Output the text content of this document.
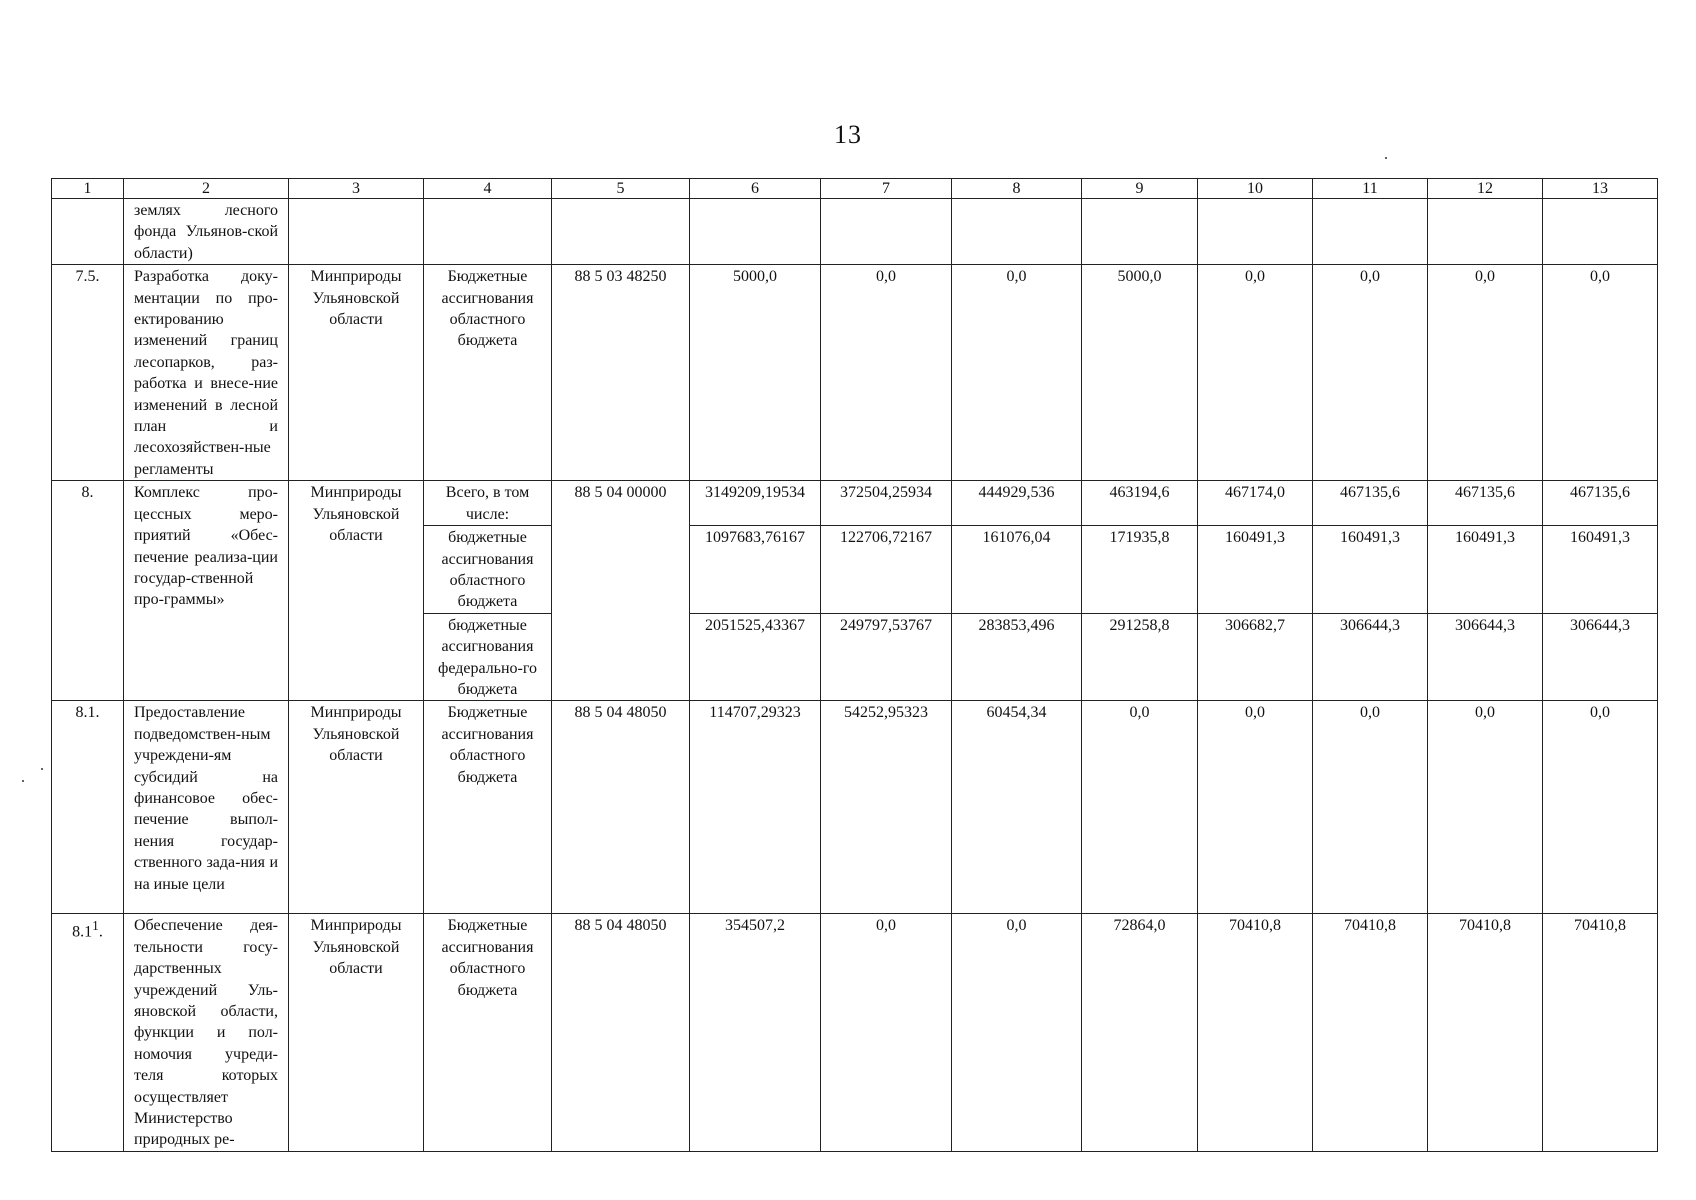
13
1	2	3	4	5	6	7	8	9	10	11	12	13
	землях лесного фонда Ульянов-ской области)											
7.5.	Разработка доку-ментации по про-ектированию изменений границ лесопарков, раз-работка и внесе-ние изменений в лесной план и лесохозяйствен-ные регламенты	Минприроды Ульяновской области	Бюджетные ассигнования областного бюджета	88 5 03 48250	5000,0	0,0	0,0	5000,0	0,0	0,0	0,0	0,0
8.	Комплекс про-цессных меро-приятий «Обес-печение реализа-ции государ-ственной про-граммы»	Минприроды Ульяновской области	Всего, в том числе:	88 5 04 00000	3149209,19534	372504,25934	444929,536	463194,6	467174,0	467135,6	467135,6	467135,6
			бюджетные ассигнования областного бюджета		1097683,76167	122706,72167	161076,04	171935,8	160491,3	160491,3	160491,3	160491,3
			бюджетные ассигнования федерально-го бюджета		2051525,43367	249797,53767	283853,496	291258,8	306682,7	306644,3	306644,3	306644,3
8.1.	Предоставление подведомствен-ным учреждени-ям субсидий на финансовое обес-печение выпол-нения государ-ственного зада-ния и на иные цели	Минприроды Ульяновской области	Бюджетные ассигнования областного бюджета	88 5 04 48050	114707,29323	54252,95323	60454,34	0,0	0,0	0,0	0,0	0,0
$8.1^1$.	Обеспечение дея-тельности госу-дарственных учреждений Уль-яновской области, функции и пол-номочия учреди-теля которых осуществляет Министерство природных ре-	Минприроды Ульяновской области	Бюджетные ассигнования областного бюджета	88 5 04 48050	354507,2	0,0	0,0	72864,0	70410,8	70410,8	70410,8	70410,8
